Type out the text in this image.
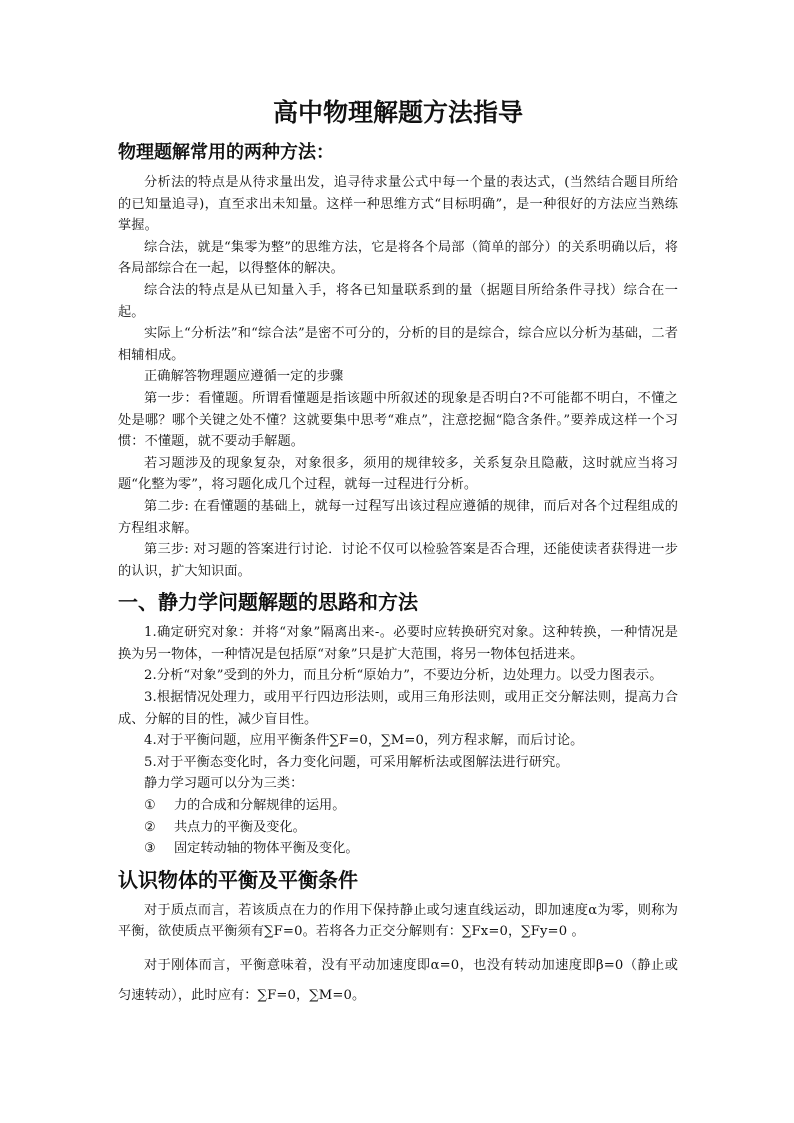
高中物理解题方法指导
物理题解常用的两种方法：

分析法的特点是从待求量出发，追寻待求量公式中每一个量的表达式，(当然结合题目所给的已知量追寻)，直至求出未知量。这样一种思维方式“目标明确”，是一种很好的方法应当熟练掌握。

综合法，就是“集零为整”的思维方法，它是将各个局部（简单的部分）的关系明确以后，将各局部综合在一起，以得整体的解决。

综合法的特点是从已知量入手，将各已知量联系到的量（据题目所给条件寻找）综合在一起。

实际上“分析法”和“综合法”是密不可分的，分析的目的是综合，综合应以分析为基础，二者相辅相成。

正确解答物理题应遵循一定的步骤

第一步：看懂题。所谓看懂题是指该题中所叙述的现象是否明白?不可能都不明白，不懂之处是哪？哪个关键之处不懂？这就要集中思考“难点”，注意挖掘“隐含条件。”要养成这样一个习惯：不懂题，就不要动手解题。

若习题涉及的现象复杂，对象很多，须用的规律较多，关系复杂且隐蔽，这时就应当将习题“化整为零”，将习题化成几个过程，就每一过程进行分析。

第二步: 在看懂题的基础上，就每一过程写出该过程应遵循的规律，而后对各个过程组成的方程组求解。

第三步: 对习题的答案进行讨论．讨论不仅可以检验答案是否合理，还能使读者获得进一步的认识，扩大知识面。

一、静力学问题解题的思路和方法

1.确定研究对象：并将“对象”隔离出来-。必要时应转换研究对象。这种转换，一种情况是换为另一物体，一种情况是包括原“对象”只是扩大范围，将另一物体包括进来。

2.分析“对象”受到的外力，而且分析“原始力”，不要边分析，边处理力。以受力图表示。

3.根据情况处理力，或用平行四边形法则，或用三角形法则，或用正交分解法则，提高力合成、分解的目的性，减少盲目性。

4.对于平衡问题，应用平衡条件∑F=0，∑M=0，列方程求解，而后讨论。

5.对于平衡态变化时，各力变化问题，可采用解析法或图解法进行研究。

静力学习题可以分为三类：

① 力的合成和分解规律的运用。
② 共点力的平衡及变化。
③ 固定转动轴的物体平衡及变化。
认识物体的平衡及平衡条件

对于质点而言，若该质点在力的作用下保持静止或匀速直线运动，即加速度α为零，则称为平衡，欲使质点平衡须有∑F=0。若将各力正交分解则有：∑Fx=0，∑Fy=0 。

对于刚体而言，平衡意味着，没有平动加速度即α=0，也没有转动加速度即β=0（静止或匀速转动），此时应有：∑F=0，∑M=0。
